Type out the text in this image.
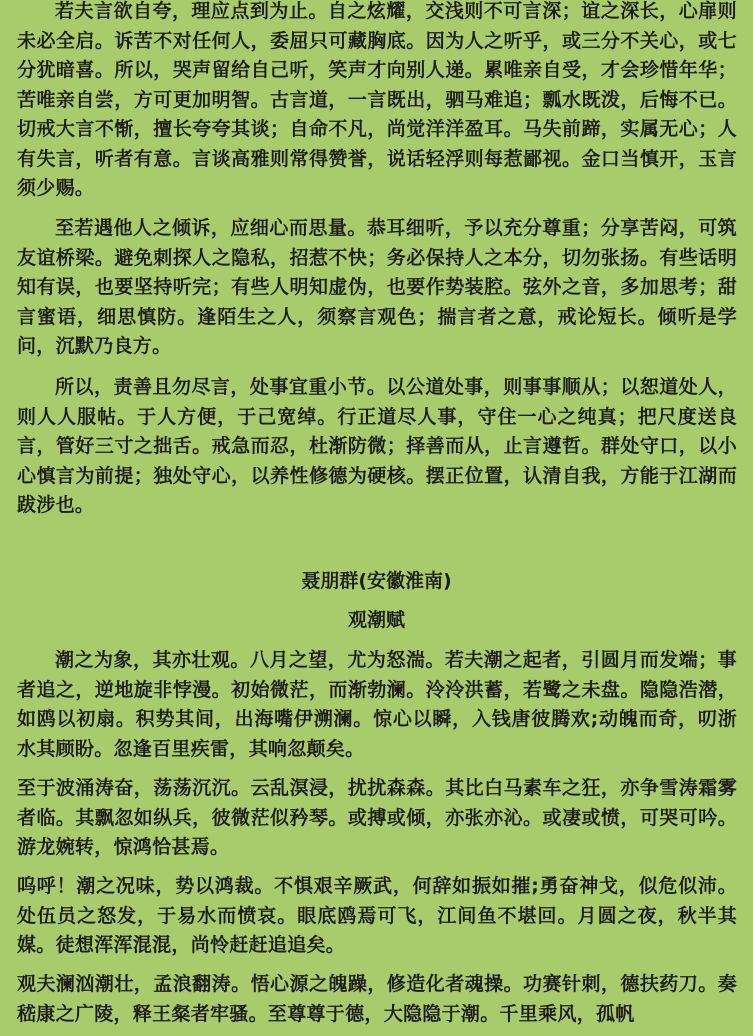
若夫言欲自夸，理应点到为止。自之炫耀，交浅则不可言深；谊之深长，心扉则未必全启。诉苦不对任何人，委屈只可藏胸底。因为人之听乎，或三分不关心，或七分犹暗喜。所以，哭声留给自己听，笑声才向别人递。累唯亲自受，才会珍惜年华；苦唯亲自尝，方可更加明智。古言道，一言既出，驷马难追；瓢水既泼，后悔不已。切戒大言不惭，擅长夸夸其谈；自命不凡，尚觉洋洋盈耳。马失前蹄，实属无心；人有失言，听者有意。言谈高雅则常得赞誉，说话轻浮则每惹鄙视。金口当慎开，玉言须少赐。

至若遇他人之倾诉，应细心而思量。恭耳细听，予以充分尊重；分享苦闷，可筑友谊桥梁。避免刺探人之隐私，招惹不快；务必保持人之本分，切勿张扬。有些话明知有误，也要坚持听完；有些人明知虚伪，也要作势装腔。弦外之音，多加思考；甜言蜜语，细思慎防。逢陌生之人，须察言观色；揣言者之意，戒论短长。倾听是学问，沉默乃良方。

所以，责善且勿尽言，处事宜重小节。以公道处事，则事事顺从；以恕道处人，则人人服帖。于人方便，于己宽绰。行正道尽人事，守住一心之纯真；把尺度送良言，管好三寸之拙舌。戒急而忍，杜渐防微；择善而从，止言遵哲。群处守口，以小心慎言为前提；独处守心，以养性修德为硬核。摆正位置，认清自我，方能于江湖而跋涉也。

聂朋群(安徽淮南)
观潮赋

潮之为象，其亦壮观。八月之望，尤为怒湍。若夫潮之起者，引圆月而发端；事者追之，逆地旋非悖漫。初始微茫，而渐勃澜。泠泠洪蓄，若鹭之未盘。隐隐浩潜，如鸥以初扇。积势其间，出海嘴伊溯澜。惊心以瞬，入钱唐彼腾欢;动魄而奇，叨浙水其顾盼。忽逢百里疾雷，其响忽颠矣。

至于波涌涛奋，荡荡沉沉。云乱溟浸，扰扰森森。其比白马素车之狂，亦争雪涛霜雾者临。其飘忽如纵兵，彼微茫似矜琴。或搏或倾，亦张亦沁。或凄或愤，可哭可吟。游龙婉转，惊鸿恰甚焉。

呜呼！潮之况味，势以鸿裁。不惧艰辛厥武，何辞如振如摧;勇奋神戈，似危似沛。处伍员之怒发，于易水而愤哀。眼底鸥焉可飞，江间鱼不堪回。月圆之夜，秋半其媒。徒想浑浑混混，尚怜赶赶追追矣。

观夫澜汹潮壮，孟浪翻涛。悟心源之魄躁，修造化者魂操。功赛针刺，德扶药刀。奏嵇康之广陵，释王粲者牢骚。至尊尊于德，大隐隐于潮。千里乘风，孤帆
